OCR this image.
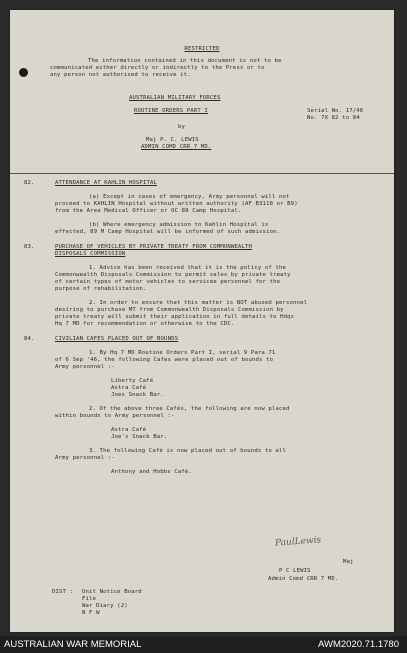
RESTRICTED
The information contained in this document is not to be
communicated either directly or indirectly to the Press or to
any person not authorised to receive it.
AUSTRALIAN MILITARY FORCES
ROUTINE ORDERS PART I	Serial No. 17/46
No. 7X 82 to 84
by
Maj P. C. LEWIS
ADMIN COMD CRR 7 MD.
82.	ATTENDANCE AT KAHLIN HOSPITAL
(a) Except in cases of emergency, Army personnel will not
proceed to KAHLIN Hospital without written authority (AF B3118 or B9)
from the Area Medical Officer or OC 89 Camp Hospital.
(b) Where emergency admission to Kahlin Hospital is
effected, 89 M Camp Hospital will be informed of such admission.
83.	PURCHASE OF VEHICLES BY PRIVATE TREATY FROM COMMONWEALTH
DISPOSALS COMMISSION
1. Advice has been received that it is the policy of the
Commonwealth Disposals Commission to permit sales by private treaty
of certain types of motor vehicles to servicee personnel for the
purpose of rehabilitation.
2. In order to ensure that this matter is NOT abused personnel
desiring to purchase MT from Commonwealth Disposals Commission by
private treaty will submit their application in full details to Hdqs
Hq 7 MD for recommendation or otherwise to the CDC.
84.	CIVILIAN CAFES PLACED OUT OF BOUNDS
1. By Hq 7 MD Routine Orders Part I, serial 9 Para 71
of 6 Sep '46, the following Cafes were placed out of bounds to
Army personnel :-
Liberty Café
Astra Café
Joes Snack Bar.
2. Of the above three Cafés, the following are now placed
within bounds to Army personnel :-
Astra Café
Joe's Snack Bar.
3. The following Café is now placed out of bounds to all
Army personnel :-
Anthony and Hobbs Café.
PaulLewis
Maj
P C LEWIS
Admin Comd CRR 7 MD.
DIST : Unit Notice Board
File
War Diary (2)
N F W
AUSTRALIAN WAR MEMORIAL	AWM2020.71.1780
